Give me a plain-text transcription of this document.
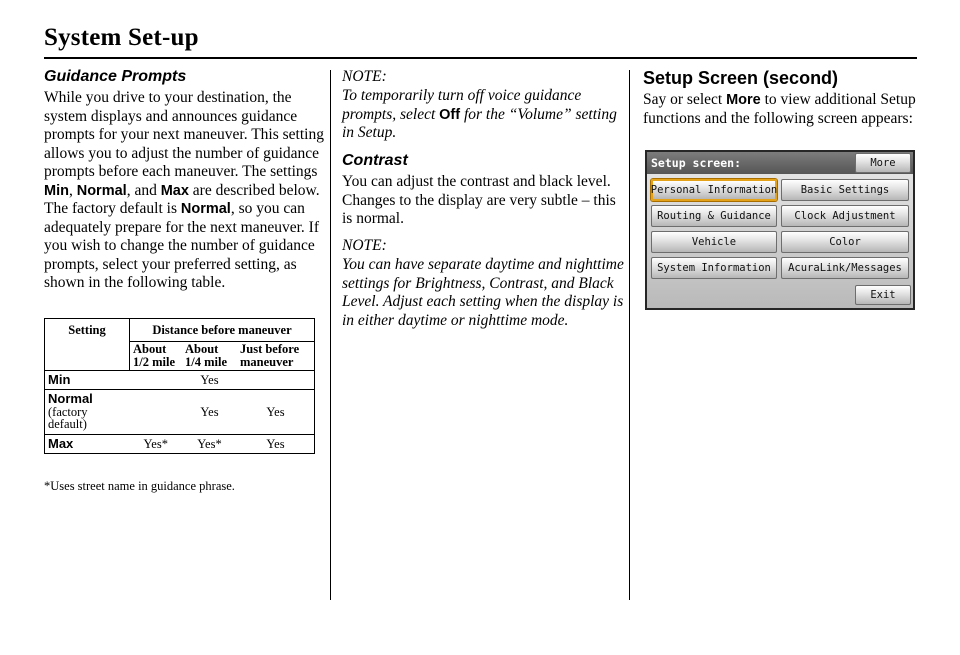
System Set-up
Guidance Prompts
While you drive to your destination, the system displays and announces guidance prompts for your next maneuver. This setting allows you to adjust the number of guidance prompts before each maneuver. The settings Min, Normal, and Max are described below. The factory default is Normal, so you can adequately prepare for the next maneuver. If you wish to change the number of guidance prompts, select your preferred setting, as shown in the following table.
Setting	Distance before maneuver		
	About 1/2 mile	About 1/4 mile	Just before maneuver
Min		Yes	

Normal
(factory default)		Yes	Yes
Max	Yes*	Yes*	Yes
*Uses street name in guidance phrase.
NOTE:
To temporarily turn off voice guidance prompts, select Off for the “Volume” setting in Setup.
Contrast
You can adjust the contrast and black level. Changes to the display are very subtle – this is normal.
NOTE:
You can have separate daytime and nighttime settings for Brightness, Contrast, and Black Level. Adjust each setting when the display is in either daytime or nighttime mode.
Setup Screen (second)
Say or select More to view additional Setup functions and the following screen appears:
Setup screen:	More
Personal Information	Basic Settings
Routing & Guidance	Clock Adjustment
Vehicle	Color
System Information	AcuraLink/Messages
Exit
